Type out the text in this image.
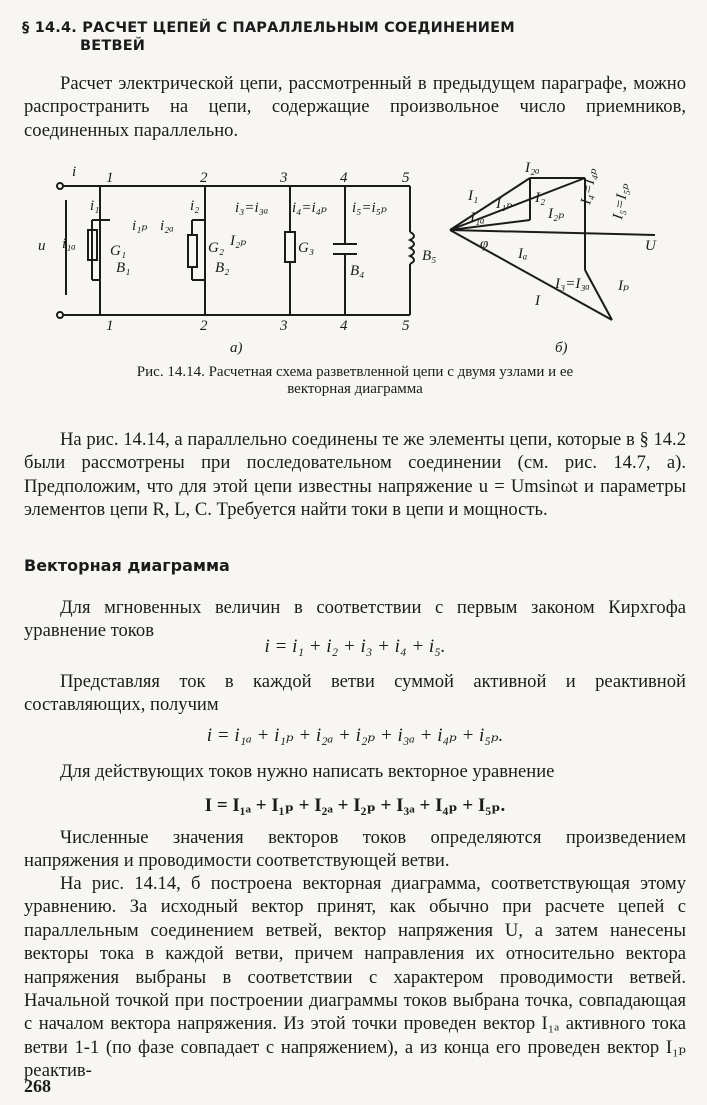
§ 14.4. РАСЧЕТ ЦЕПЕЙ С ПАРАЛЛЕЛЬНЫМ СОЕДИНЕНИЕМ
ВЕТВЕЙ

Расчет электрической цепи, рассмотренный в предыдущем параграфе, можно распространить на цепи, содержащие произвольное число приемников, соединенных параллельно.

i
u
1	2	3	4	5
1	2	3	4	5
i₁
i₁ₐ
i₁ₚ
i₂
i₂ₐ
I₂ₚ
i₃=i₃ₐ i₄=i₄ₚ i₅=i₅ₚ
G₁
B₁
G₂
B₂
G₃
B₄
B₅
а)
I₂ₐ
I₁ I₁ₚ
I₁ₐ
I₂
I₂ₚ
I₄=I₄ₚ I₅=I₅ₚ
φ
Iₐ	U
I₃=I₃ₐ Iₚ
I
б)
Рис. 14.14. Расчетная схема разветвленной цепи с двумя узлами и ее
векторная диаграмма

На рис. 14.14, а параллельно соединены те же элементы цепи, которые в § 14.2 были рассмотрены при последовательном соединении (см. рис. 14.7, а). Предположим, что для этой цепи известны напряжение u = Umsinωt и параметры элементов цепи R, L, C. Требуется найти токи в цепи и мощность.

Векторная диаграмма

Для мгновенных величин в соответствии с первым законом Кирхгофа уравнение токов

i = i₁ + i₂ + i₃ + i₄ + i₅.

Представляя ток в каждой ветви суммой активной и реактивной составляющих, получим

i = i₁ₐ + i₁ₚ + i₂ₐ + i₂ₚ + i₃ₐ + i₄ₚ + i₅ₚ.

Для действующих токов нужно написать векторное уравнение

I = I₁ₐ + I₁ₚ + I₂ₐ + I₂ₚ + I₃ₐ + I₄ₚ + I₅ₚ.

Численные значения векторов токов определяются произведением напряжения и проводимости соответствующей ветви.

На рис. 14.14, б построена векторная диаграмма, соответствующая этому уравнению. За исходный вектор принят, как обычно при расчете цепей с параллельным соединением ветвей, вектор напряжения U, а затем нанесены векторы тока в каждой ветви, причем направления их относительно вектора напряжения выбраны в соответствии с характером проводимости ветвей. Начальной точкой при построении диаграммы токов выбрана точка, совпадающая с началом вектора напряжения. Из этой точки проведен вектор I₁ₐ активного тока ветви 1-1 (по фазе совпадает с напряжением), а из конца его проведен вектор I₁ₚ реактив-

268
